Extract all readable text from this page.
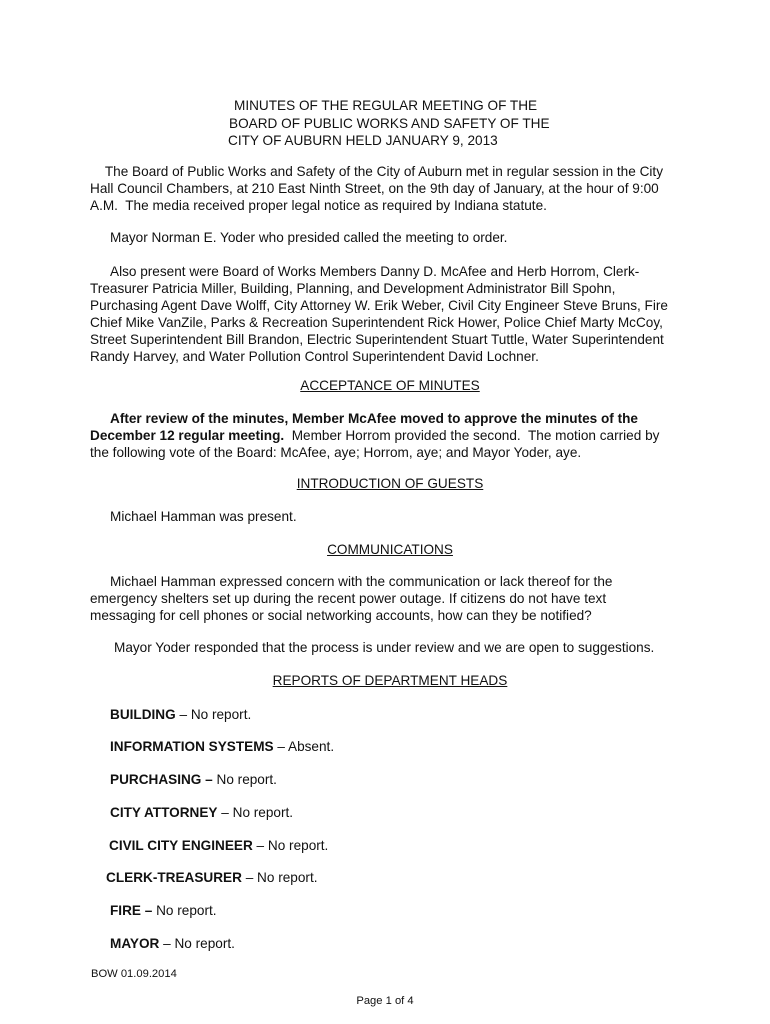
MINUTES OF THE REGULAR MEETING OF THE
BOARD OF PUBLIC WORKS AND SAFETY OF THE
CITY OF AUBURN HELD JANUARY 9, 2013
The Board of Public Works and Safety of the City of Auburn met in regular session in the City
Hall Council Chambers, at 210 East Ninth Street, on the 9th day of January, at the hour of 9:00
A.M.  The media received proper legal notice as required by Indiana statute.
Mayor Norman E. Yoder who presided called the meeting to order.
Also present were Board of Works Members Danny D. McAfee and Herb Horrom, Clerk-
Treasurer Patricia Miller, Building, Planning, and Development Administrator Bill Spohn,
Purchasing Agent Dave Wolff, City Attorney W. Erik Weber, Civil City Engineer Steve Bruns, Fire
Chief Mike VanZile, Parks & Recreation Superintendent Rick Hower, Police Chief Marty McCoy,
Street Superintendent Bill Brandon, Electric Superintendent Stuart Tuttle, Water Superintendent
Randy Harvey, and Water Pollution Control Superintendent David Lochner.
ACCEPTANCE OF MINUTES
After review of the minutes, Member McAfee moved to approve the minutes of the
December 12 regular meeting.  Member Horrom provided the second.  The motion carried by
the following vote of the Board: McAfee, aye; Horrom, aye; and Mayor Yoder, aye.
INTRODUCTION OF GUESTS
Michael Hamman was present.
COMMUNICATIONS
Michael Hamman expressed concern with the communication or lack thereof for the
emergency shelters set up during the recent power outage. If citizens do not have text
messaging for cell phones or social networking accounts, how can they be notified?
Mayor Yoder responded that the process is under review and we are open to suggestions.
REPORTS OF DEPARTMENT HEADS
BUILDING – No report.
INFORMATION SYSTEMS – Absent.
PURCHASING – No report.
CITY ATTORNEY – No report.
CIVIL CITY ENGINEER – No report.
CLERK-TREASURER – No report.
FIRE – No report.
MAYOR – No report.
BOW 01.09.2014
Page 1 of 4
